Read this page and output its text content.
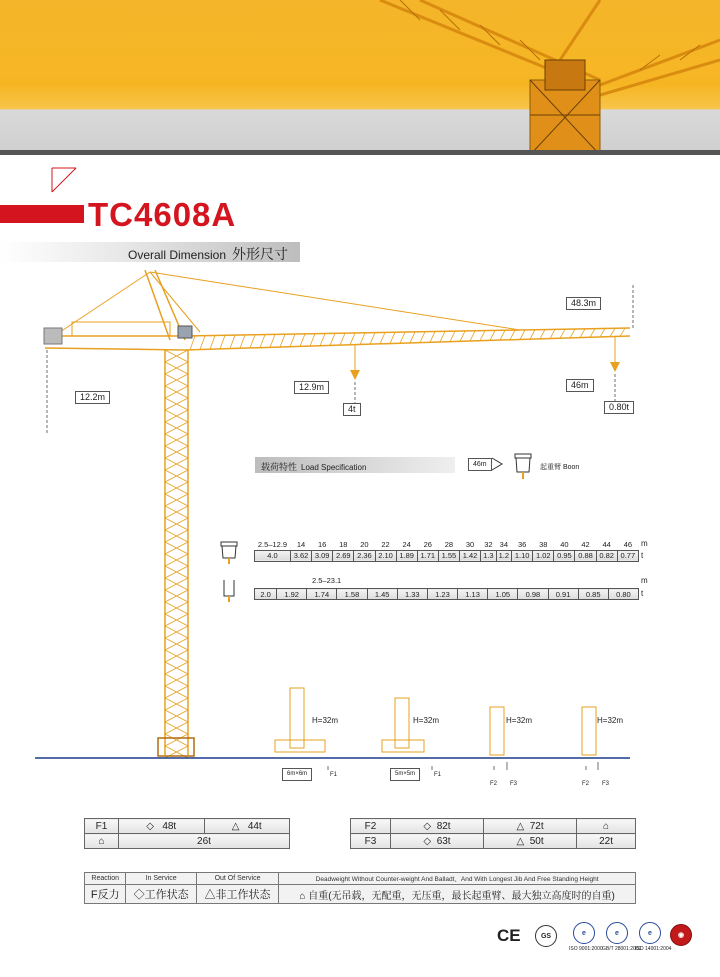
TC4608A
Overall Dimension 外形尺寸
48.3m
12.2m
12.9m
4t
46m
0.80t
载荷特性 Load Specification	46m	起重臂 Boon
2.5–12.9	14	16	18	20	22	24	26	28	30	32	34	36	38	40	42	44	46
4.0	3.62	3.09	2.69	2.36	2.10	1.89	1.71	1.55	1.42	1.3	1.2	1.10	1.02	0.95	0.88	0.82	0.77
m
t
2.5–23.1
2.0	1.92	1.74	1.58	1.45	1.33	1.23	1.13	1.05	0.98	0.91	0.85	0.80
m
t
H=32m	H=32m	H=32m	H=32m
6m×6m	5m×5m
F1	F1
F2 F3	F2 F3
F1	◇ 48t	△ 44t
⌂	26t	
F2	◇ 82t	△ 72t	⌂
F3	◇ 63t	△ 50t	22t
Reaction	In Service	Out Of Service	Deadweight Without Counter-weight And Balladt、And With Longest Jib And Free Standing Height
F反力	◇工作状态	△非工作状态	⌂ 自重(无吊载，无配重，无压重，最长起重臂、最大独立高度时的自重)
CE	GS	e
ISO 9001:2000
e
GB/T 28001:2001
e
ISO 14001:2004
◉
